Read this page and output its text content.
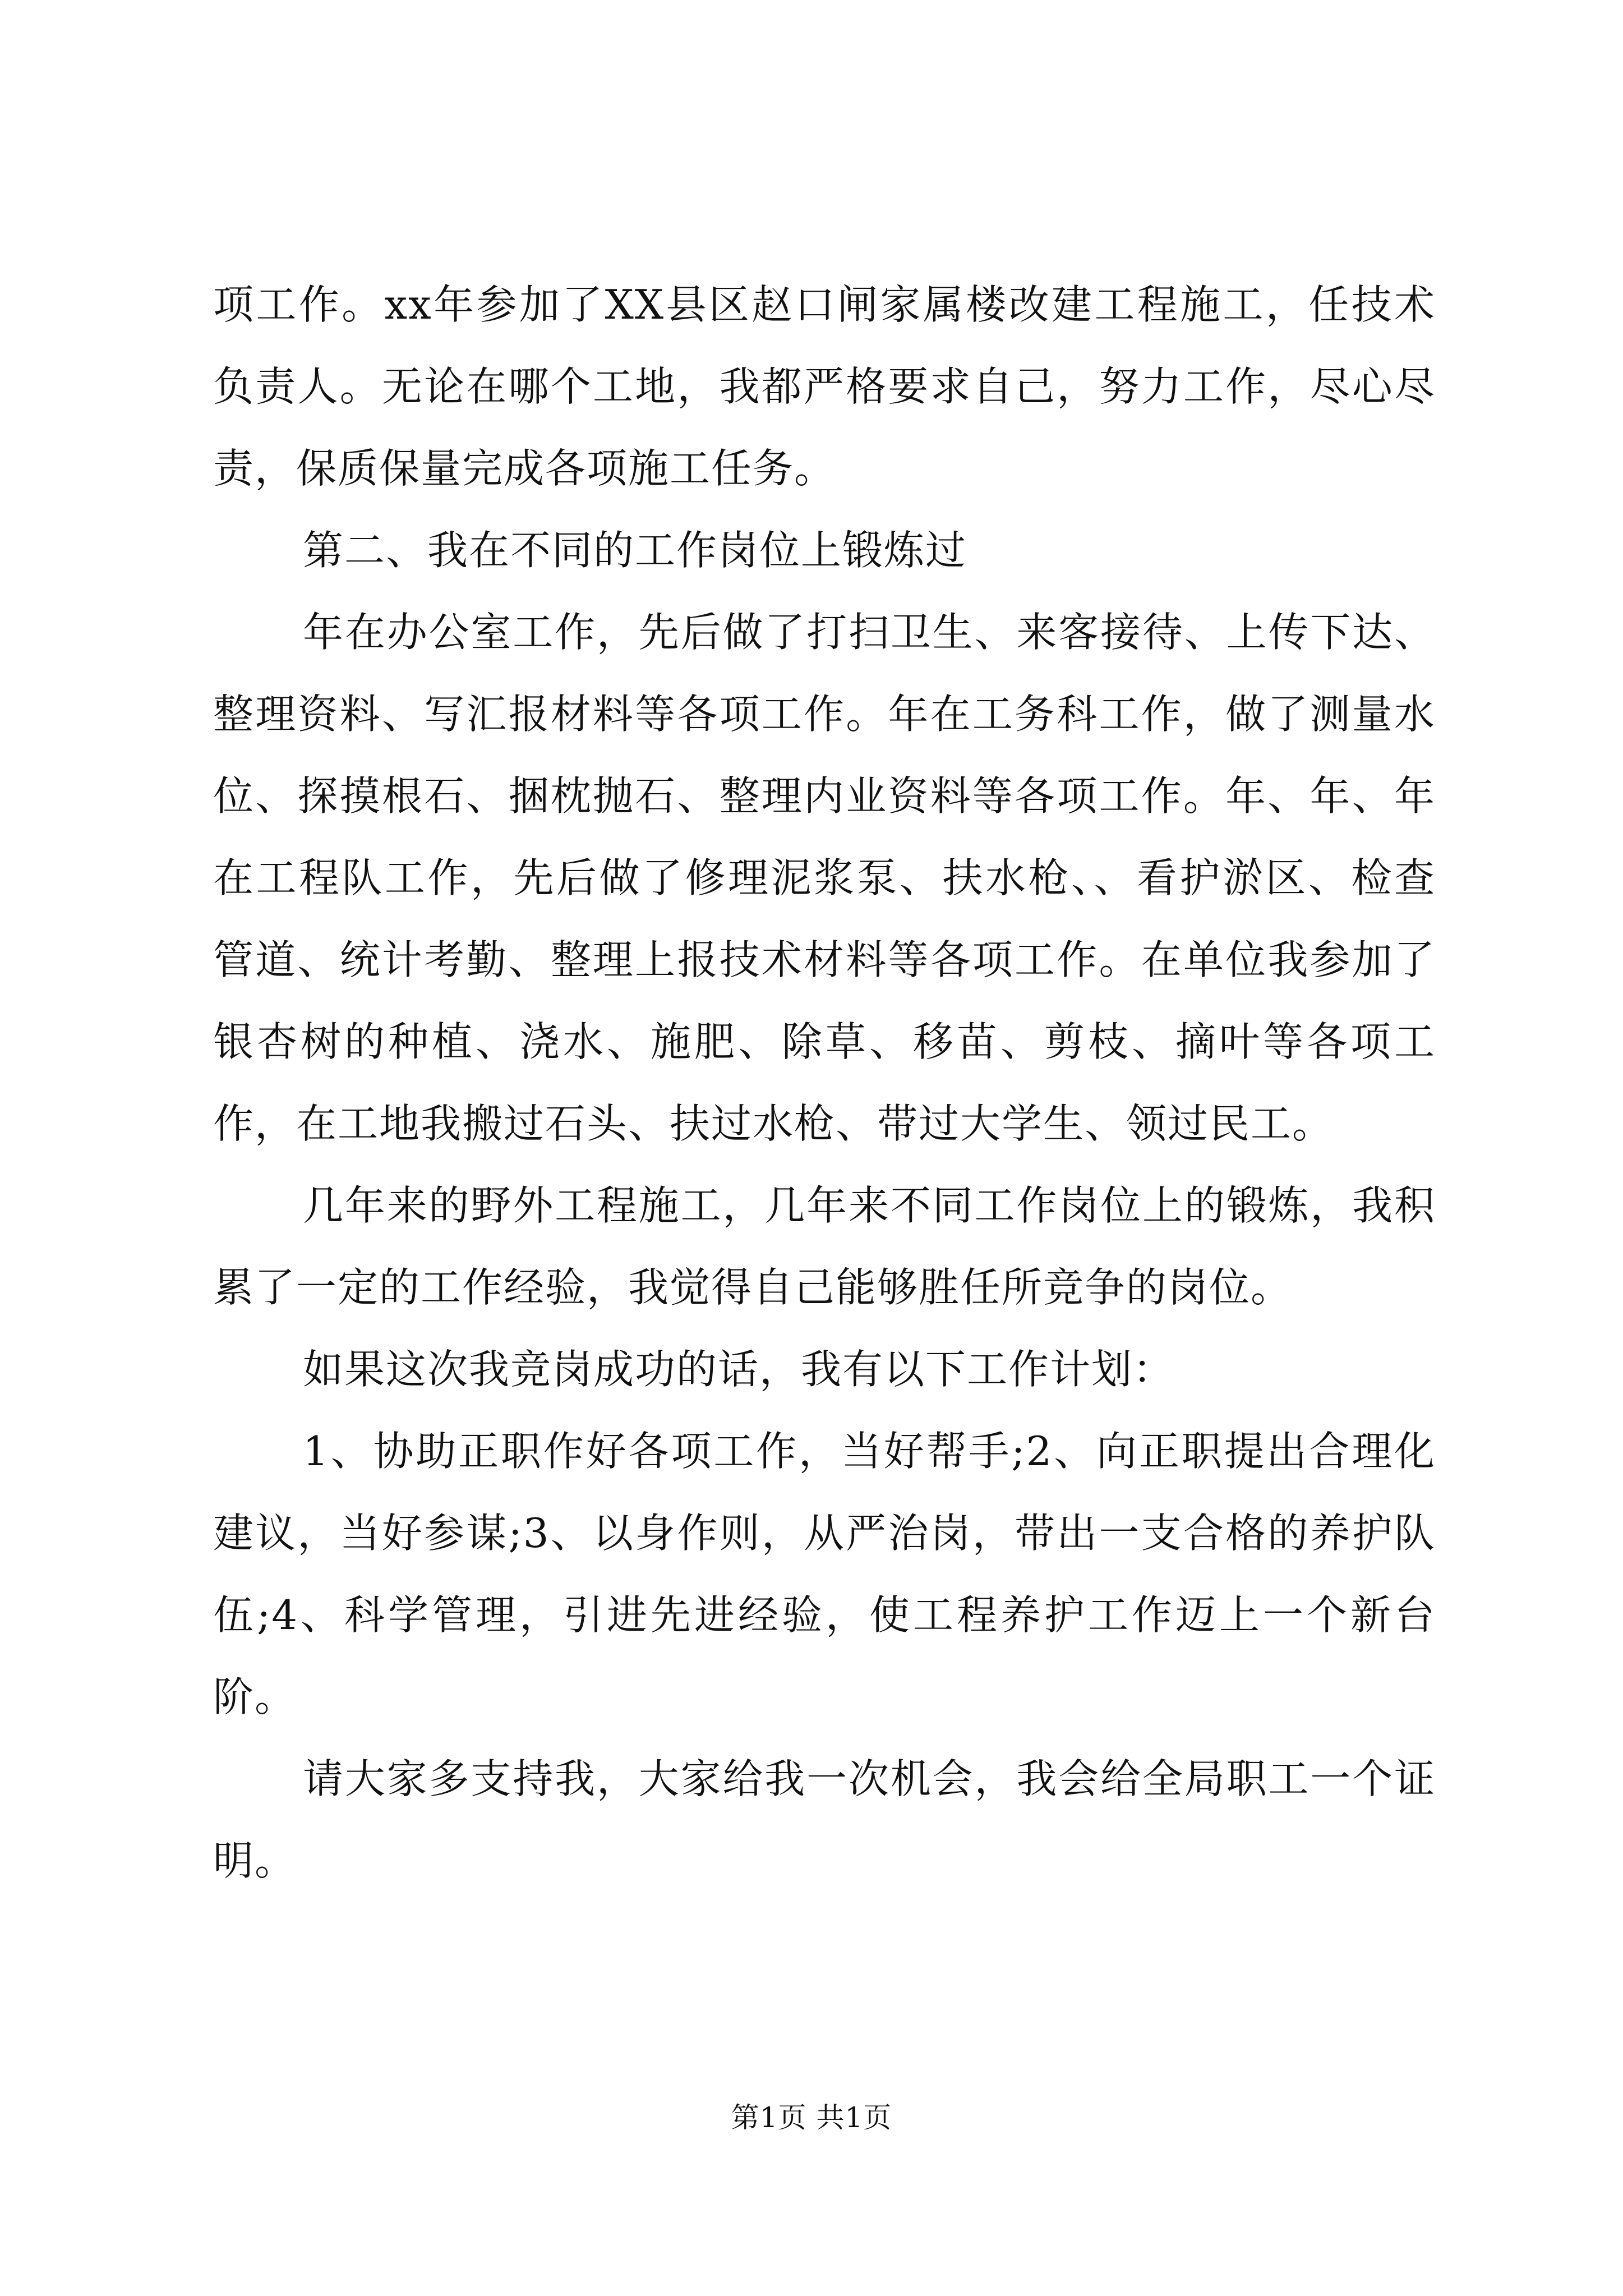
项工作。xx年参加了XX县区赵口闸家属楼改建工程施工，任技术负责人。无论在哪个工地，我都严格要求自己，努力工作，尽心尽责，保质保量完成各项施工任务。

第二、我在不同的工作岗位上锻炼过

年在办公室工作，先后做了打扫卫生、来客接待、上传下达、整理资料、写汇报材料等各项工作。年在工务科工作，做了测量水位、探摸根石、捆枕抛石、整理内业资料等各项工作。年、年、年在工程队工作，先后做了修理泥浆泵、扶水枪、、看护淤区、检查管道、统计考勤、整理上报技术材料等各项工作。在单位我参加了银杏树的种植、浇水、施肥、除草、移苗、剪枝、摘叶等各项工作，在工地我搬过石头、扶过水枪、带过大学生、领过民工。

几年来的野外工程施工，几年来不同工作岗位上的锻炼，我积累了一定的工作经验，我觉得自己能够胜任所竞争的岗位。

如果这次我竞岗成功的话，我有以下工作计划：

1、协助正职作好各项工作，当好帮手;2、向正职提出合理化建议，当好参谋;3、以身作则，从严治岗，带出一支合格的养护队伍;4、科学管理，引进先进经验，使工程养护工作迈上一个新台阶。

请大家多支持我，大家给我一次机会，我会给全局职工一个证明。

第1页 共1页
